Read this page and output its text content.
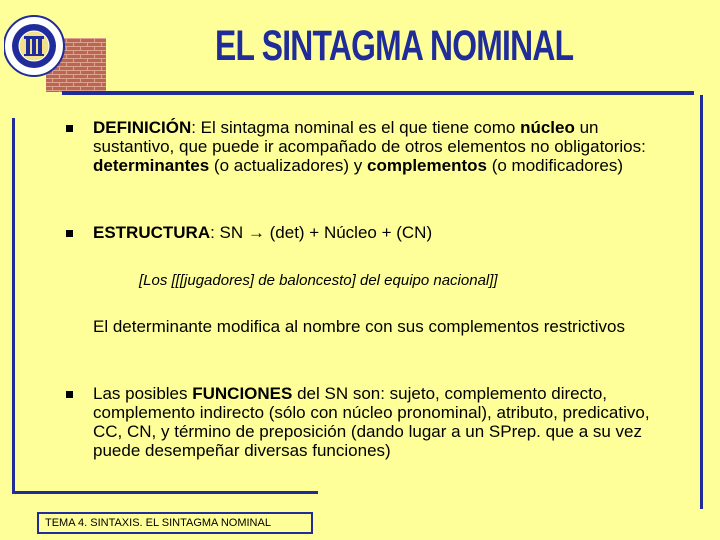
EL SINTAGMA NOMINAL
DEFINICIÓN: El sintagma nominal es el que tiene como núcleo un sustantivo, que puede ir acompañado de otros elementos no obligatorios: determinantes (o actualizadores) y complementos (o modificadores)
ESTRUCTURA: SN → (det) + Núcleo + (CN)
[Los [[[jugadores] de baloncesto] del equipo nacional]]
El determinante modifica al nombre con sus complementos restrictivos
Las posibles FUNCIONES del SN son: sujeto, complemento directo, complemento indirecto (sólo con núcleo pronominal), atributo, predicativo, CC, CN, y término de preposición (dando lugar a un SPrep. que a su vez puede desempeñar diversas funciones)
TEMA 4. SINTAXIS. EL SINTAGMA NOMINAL
